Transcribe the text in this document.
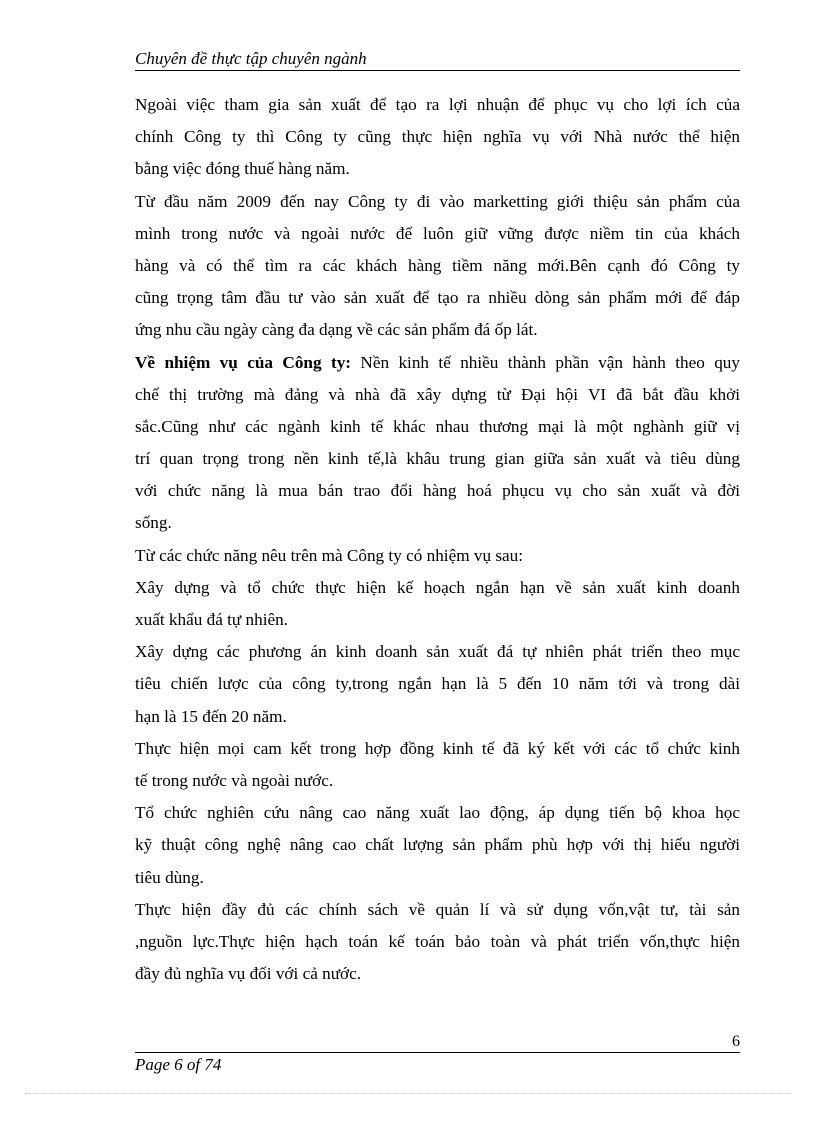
Chuyên đề thực tập chuyên ngành
Ngoài việc tham gia sản xuất để tạo ra lợi nhuận để phục vụ cho lợi ích của
chính Công ty thì Công ty cũng thực hiện nghĩa vụ với Nhà nước thể hiện
bằng việc đóng thuế hàng năm.
Từ đầu năm 2009 đến nay Công ty đi vào marketting giới thiệu sản phẩm của
mình trong nước và ngoài nước để luôn giữ vững được niềm tin của khách
hàng và có thể tìm ra các khách hàng tiềm năng mới.Bên cạnh đó Công ty
cũng trọng tâm đầu tư vào sản xuất để tạo ra nhiều dòng sản phẩm mới để đáp
ứng nhu cầu ngày càng đa dạng về các sản phẩm đá ốp lát.
Về nhiệm vụ của Công ty: Nền kinh tế nhiều thành phần vận hành theo quy
chế thị trường mà đảng và nhà đã xây dựng từ Đại hội VI đã bắt đầu khởi
sắc.Cũng như các ngành kinh tế khác nhau thương mại là một nghành giữ vị
trí quan trọng trong nền kinh tế,là khâu trung gian giữa sản xuất và tiêu dùng
với chức năng là mua bán trao đổi hàng hoá phụcu vụ cho sản xuất và đời
sống.
Từ các chức năng nêu trên mà Công ty có nhiệm vụ sau:
Xây dựng và tổ chức thực hiện kế hoạch ngắn hạn về sản xuất kinh doanh
xuất khẩu đá tự nhiên.
Xây dựng các phương án kinh doanh sản xuất đá tự nhiên phát triển theo mục
tiêu chiến lược của công ty,trong ngắn hạn là 5 đến 10 năm tới và trong dài
hạn là 15 đến 20 năm.
Thực hiện mọi cam kết trong hợp đồng kinh tế đã ký kết với các tổ chức kinh
tế trong nước và ngoài nước.
Tổ chức nghiên cứu nâng cao năng xuất lao động, áp dụng tiến bộ khoa học
kỹ thuật công nghệ nâng cao chất lượng sản phẩm phù hợp với thị hiếu người
tiêu dùng.
Thực hiện đầy đủ các chính sách về quản lí và sử dụng vốn,vật tư, tài sản
,nguồn lực.Thực hiện hạch toán kế toán bảo toàn và phát triển vốn,thực hiện
đầy đủ nghĩa vụ đối với cả nước.
6
Page 6 of 74
